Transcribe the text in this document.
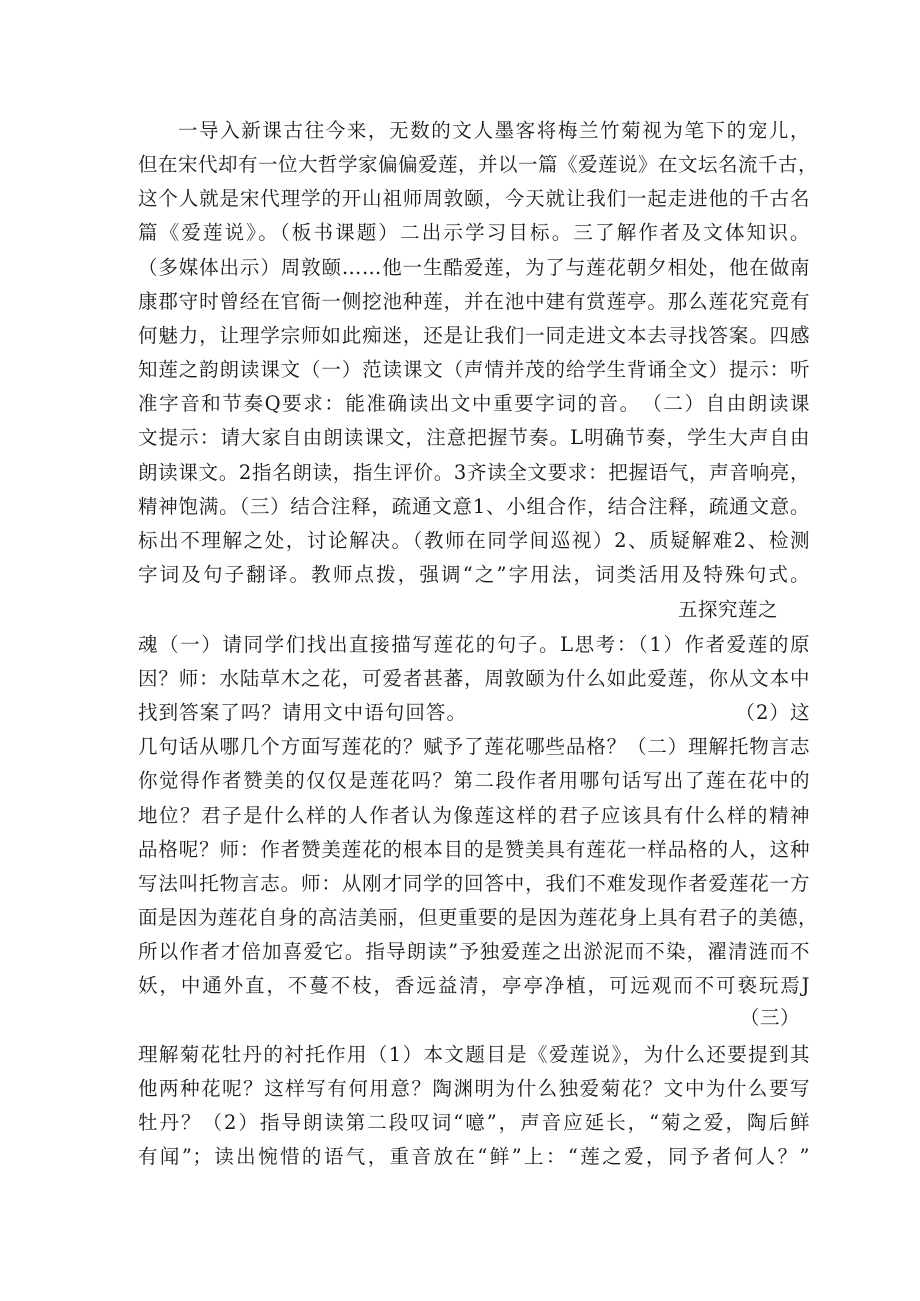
一导入新课古往今来，无数的文人墨客将梅兰竹菊视为笔下的宠儿，
但在宋代却有一位大哲学家偏偏爱莲，并以一篇《爱莲说》在文坛名流千古，
这个人就是宋代理学的开山祖师周敦颐，今天就让我们一起走进他的千古名
篇《爱莲说》。（板书课题）二出示学习目标。三了解作者及文体知识。
（多媒体出示）周敦颐……他一生酷爱莲，为了与莲花朝夕相处，他在做南
康郡守时曾经在官衙一侧挖池种莲，并在池中建有赏莲亭。那么莲花究竟有
何魅力，让理学宗师如此痴迷，还是让我们一同走进文本去寻找答案。四感
知莲之韵朗读课文（一）范读课文（声情并茂的给学生背诵全文）提示：听
准字音和节奏Q要求：能准确读出文中重要字词的音。　（二）自由朗读课
文提示：请大家自由朗读课文，注意把握节奏。L明确节奏，学生大声自由
朗读课文。2指名朗读，指生评价。3齐读全文要求：把握语气，声音响亮，
精神饱满。（三）结合注释，疏通文意1、小组合作，结合注释，疏通文意。
标出不理解之处，讨论解决。（教师在同学间巡视）2、质疑解难2、检测
字词及句子翻译。教师点拨，强调“之”字用法，词类活用及特殊句式。
五探究莲之
魂（一）请同学们找出直接描写莲花的句子。L思考：（1）作者爱莲的原
因？师：水陆草木之花，可爱者甚蕃，周敦颐为什么如此爱莲，你从文本中
找到答案了吗？请用文中语句回答。　　　　　　　　　　　　　　（2）这
几句话从哪几个方面写莲花的？赋予了莲花哪些品格？（二）理解托物言志
你觉得作者赞美的仅仅是莲花吗？第二段作者用哪句话写出了莲在花中的
地位？君子是什么样的人作者认为像莲这样的君子应该具有什么样的精神
品格呢？师：作者赞美莲花的根本目的是赞美具有莲花一样品格的人，这种
写法叫托物言志。师：从刚才同学的回答中，我们不难发现作者爱莲花一方
面是因为莲花自身的高洁美丽，但更重要的是因为莲花身上具有君子的美德，
所以作者才倍加喜爱它。指导朗读”予独爱莲之出淤泥而不染，濯清涟而不
妖，中通外直，不蔓不枝，香远益清，亭亭净植，可远观而不可亵玩焉J
（三）
理解菊花牡丹的衬托作用（1）本文题目是《爱莲说》，为什么还要提到其
他两种花呢？这样写有何用意？陶渊明为什么独爱菊花？文中为什么要写
牡丹？（2）指导朗读第二段叹词“噫”，声音应延长，“菊之爱，陶后鲜
有闻”；读出惋惜的语气，重音放在“鲜”上：“莲之爱，同予者何人？”
